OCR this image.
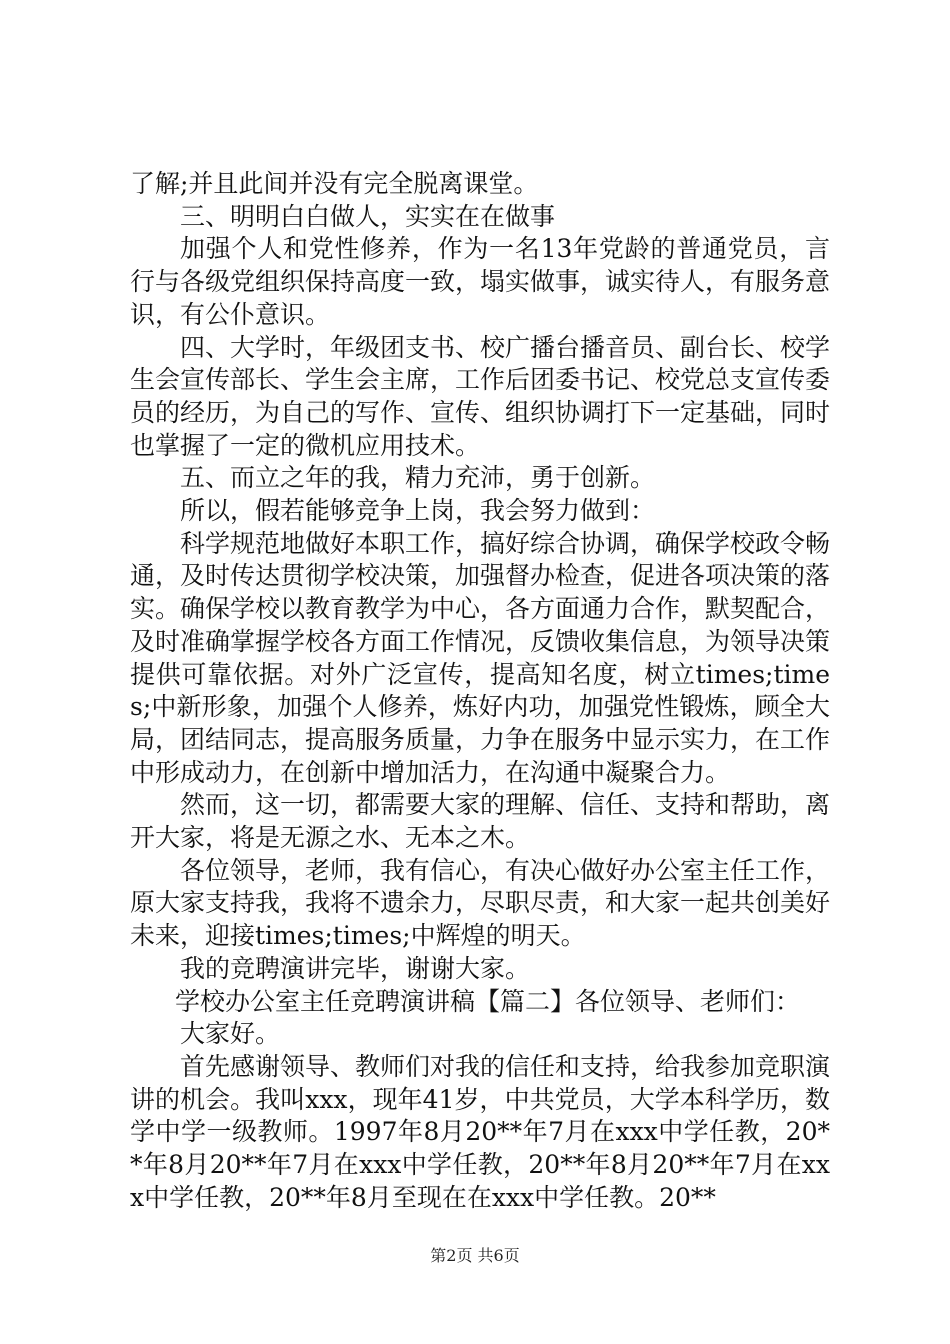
了解;并且此间并没有完全脱离课堂。

三、明明白白做人，实实在在做事

加强个人和党性修养，作为一名13年党龄的普通党员，言行与各级党组织保持高度一致，塌实做事，诚实待人，有服务意识，有公仆意识。

四、大学时，年级团支书、校广播台播音员、副台长、校学生会宣传部长、学生会主席，工作后团委书记、校党总支宣传委员的经历，为自己的写作、宣传、组织协调打下一定基础，同时也掌握了一定的微机应用技术。

五、而立之年的我，精力充沛，勇于创新。

所以，假若能够竞争上岗，我会努力做到：

科学规范地做好本职工作，搞好综合协调，确保学校政令畅通，及时传达贯彻学校决策，加强督办检查，促进各项决策的落实。确保学校以教育教学为中心，各方面通力合作，默契配合，及时准确掌握学校各方面工作情况，反馈收集信息，为领导决策提供可靠依据。对外广泛宣传，提高知名度，树立times;times;中新形象，加强个人修养，炼好内功，加强党性锻炼，顾全大局，团结同志，提高服务质量，力争在服务中显示实力，在工作中形成动力，在创新中增加活力，在沟通中凝聚合力。

然而，这一切，都需要大家的理解、信任、支持和帮助，离开大家，将是无源之水、无本之木。

各位领导，老师，我有信心，有决心做好办公室主任工作，原大家支持我，我将不遗余力，尽职尽责，和大家一起共创美好未来，迎接times;times;中辉煌的明天。

我的竞聘演讲完毕，谢谢大家。

学校办公室主任竞聘演讲稿【篇二】各位领导、老师们：

大家好。

首先感谢领导、教师们对我的信任和支持，给我参加竞职演讲的机会。我叫xxx，现年41岁，中共党员，大学本科学历，数学中学一级教师。1997年8月20**年7月在xxx中学任教，20**年8月20**年7月在xxx中学任教，20**年8月20**年7月在xxx中学任教，20**年8月至现在在xxx中学任教。20**

第2页 共6页
